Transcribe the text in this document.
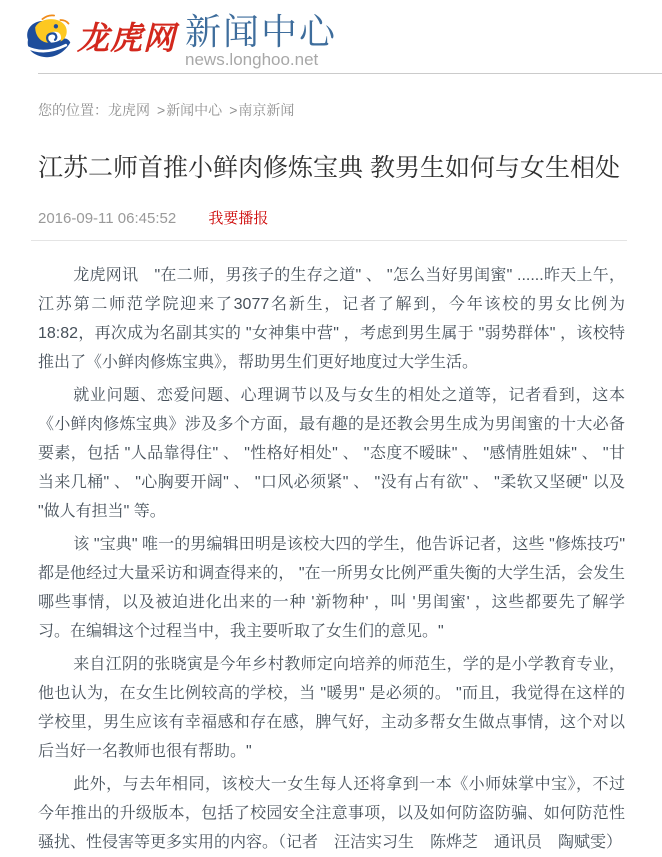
龙虎网 新闻中心
news.longhoo.net
您的位置：龙虎网 >新闻中心 >南京新闻
江苏二师首推小鲜肉修炼宝典 教男生如何与女生相处
2016-09-11 06:45:52 我要播报

龙虎网讯　"在二师，男孩子的生存之道" 、 "怎么当好男闺蜜" ......昨天上午，江苏第二师范学院迎来了3077名新生，记者了解到，今年该校的男女比例为18:82，再次成为名副其实的 "女神集中营" ，考虑到男生属于 "弱势群体" ，该校特推出了《小鲜肉修炼宝典》，帮助男生们更好地度过大学生活。

就业问题、恋爱问题、心理调节以及与女生的相处之道等，记者看到，这本《小鲜肉修炼宝典》涉及多个方面，最有趣的是还教会男生成为男闺蜜的十大必备要素，包括 "人品靠得住" 、 "性格好相处" 、 "态度不暧昧" 、 "感情胜姐妹" 、 "甘当来几桶" 、 "心胸要开阔" 、 "口风必须紧" 、 "没有占有欲" 、 "柔软又坚硬" 以及 "做人有担当" 等。

该 "宝典" 唯一的男编辑田明是该校大四的学生，他告诉记者，这些 "修炼技巧" 都是他经过大量采访和调查得来的， "在一所男女比例严重失衡的大学生活，会发生哪些事情，以及被迫进化出来的一种 '新物种' ，叫 '男闺蜜' ，这些都要先了解学习。在编辑这个过程当中，我主要听取了女生们的意见。"

来自江阴的张晓寅是今年乡村教师定向培养的师范生，学的是小学教育专业，他也认为，在女生比例较高的学校，当 "暖男" 是必须的。 "而且，我觉得在这样的学校里，男生应该有幸福感和存在感，脾气好，主动多帮女生做点事情，这个对以后当好一名教师也很有帮助。"

此外，与去年相同，该校大一女生每人还将拿到一本《小师妹掌中宝》，不过今年推出的升级版本，包括了校园安全注意事项，以及如何防盗防骗、如何防范性骚扰、性侵害等更多实用的内容。（记者　汪洁实习生　陈烨芝　通讯员　陶赋雯）
